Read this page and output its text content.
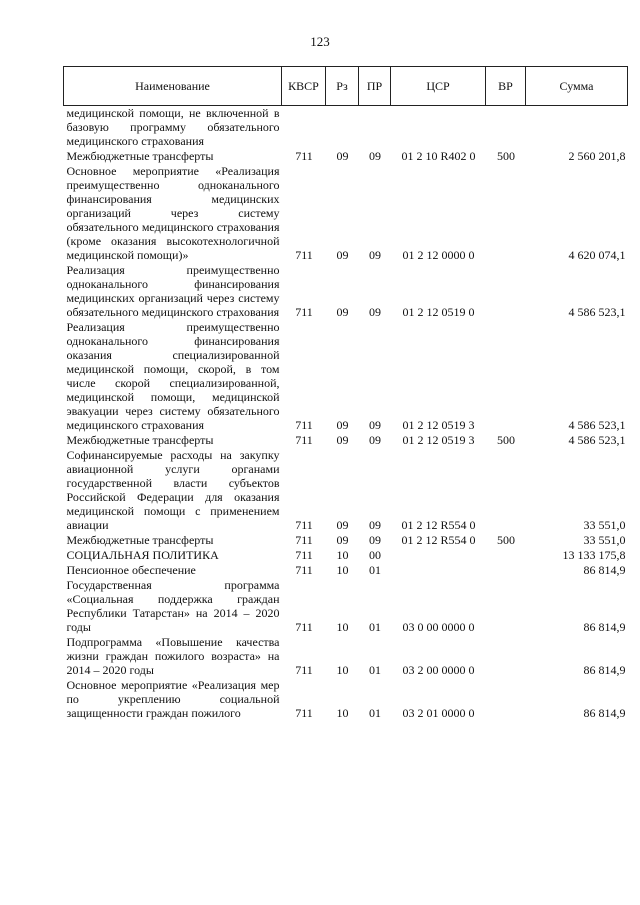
123
Наименование	КВСР	Рз	ПР	ЦСР	ВР	Сумма
медицинской помощи, не включенной в базовую программу обязательного медицинского страхования						
Межбюджетные трансферты	711	09	09	01 2 10 R402 0	500	2 560 201,8
Основное мероприятие «Реализация преимущественно одноканального финансирования медицинских организаций через систему обязательного медицинского страхования (кроме оказания высокотехнологичной медицинской помощи)»	711	09	09	01 2 12 0000 0		4 620 074,1
Реализация преимущественно одноканального финансирования медицинских организаций через систему обязательного медицинского страхования	711	09	09	01 2 12 0519 0		4 586 523,1
Реализация преимущественно одноканального финансирования оказания специализированной медицинской помощи, скорой, в том числе скорой специализированной, медицинской помощи, медицинской эвакуации через систему обязательного медицинского страхования	711	09	09	01 2 12 0519 3		4 586 523,1
Межбюджетные трансферты	711	09	09	01 2 12 0519 3	500	4 586 523,1
Софинансируемые расходы на закупку авиационной услуги органами государственной власти субъектов Российской Федерации для оказания медицинской помощи с применением авиации	711	09	09	01 2 12 R554 0		33 551,0
Межбюджетные трансферты	711	09	09	01 2 12 R554 0	500	33 551,0
СОЦИАЛЬНАЯ ПОЛИТИКА	711	10	00			13 133 175,8
Пенсионное обеспечение	711	10	01			86 814,9
Государственная программа «Социальная поддержка граждан Республики Татарстан» на 2014 – 2020 годы	711	10	01	03 0 00 0000 0		86 814,9
Подпрограмма «Повышение качества жизни граждан пожилого возраста» на 2014 – 2020 годы	711	10	01	03 2 00 0000 0		86 814,9
Основное мероприятие «Реализация мер по укреплению социальной защищенности граждан пожилого	711	10	01	03 2 01 0000 0		86 814,9
